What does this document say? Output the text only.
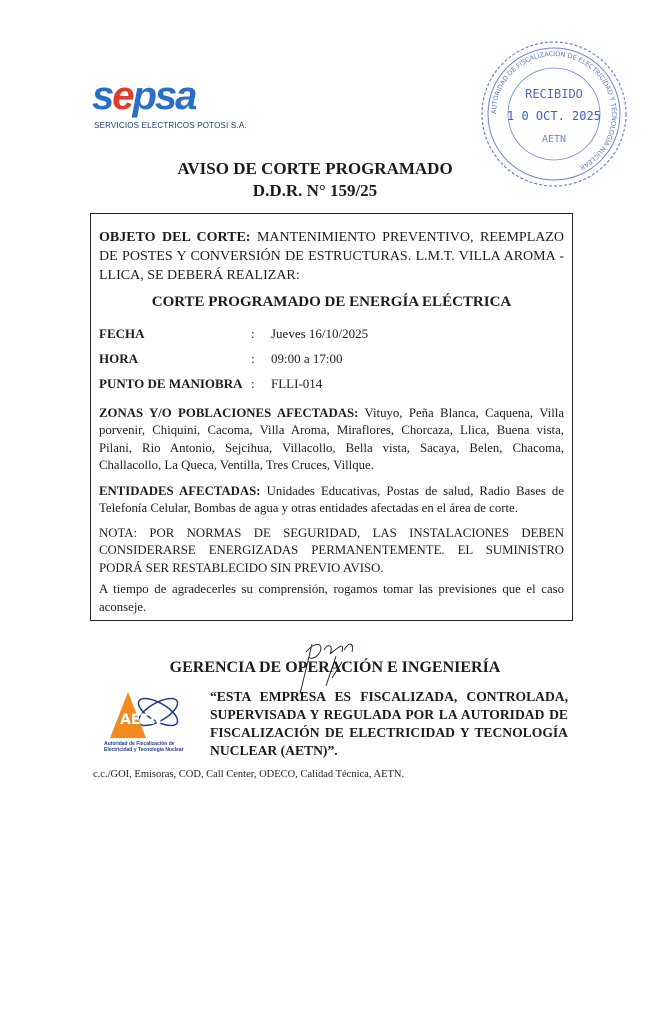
sepsa
SERVICIOS ELECTRICOS POTOSI S.A.
AUTORIDAD DE FISCALIZACIÓN DE ELECTRICIDAD Y TECNOLOGÍA NUCLEAR
RECIBIDO
1 0 OCT. 2025
AETN
AVISO DE CORTE PROGRAMADO
D.D.R. N° 159/25
OBJETO DEL CORTE: MANTENIMIENTO PREVENTIVO, REEMPLAZO DE POSTES Y CONVERSIÓN DE ESTRUCTURAS. L.M.T. VILLA AROMA - LLICA, SE DEBERÁ REALIZAR:
CORTE PROGRAMADO DE ENERGÍA ELÉCTRICA
FECHA	:	Jueves 16/10/2025
HORA	:	09:00 a 17:00
PUNTO DE MANIOBRA :	FLLI-014
ZONAS Y/O POBLACIONES AFECTADAS: Vituyo, Peña Blanca, Caquena, Villa porvenir, Chiquini, Cacoma, Villa Aroma, Miraflores, Chorcaza, Llica, Buena vista, Pilani, Rio Antonio, Sejcihua, Villacollo, Bella vista, Sacaya, Belen, Chacoma, Challacollo, La Queca, Ventilla, Tres Cruces, Villque.
ENTIDADES AFECTADAS: Unidades Educativas, Postas de salud, Radio Bases de Telefonía Celular, Bombas de agua y otras entidades afectadas en el área de corte.
NOTA: POR NORMAS DE SEGURIDAD, LAS INSTALACIONES DEBEN CONSIDERARSE ENERGIZADAS PERMANENTEMENTE. EL SUMINISTRO PODRÁ SER RESTABLECIDO SIN PREVIO AVISO.
A tiempo de agradecerles su comprensión, rogamos tomar las previsiones que el caso aconseje.
GERENCIA DE OPERACIÓN E INGENIERÍA
AETN
Autoridad de Fiscalización de
Electricidad y Tecnología Nuclear
“ESTA EMPRESA ES FISCALIZADA, CONTROLADA, SUPERVISADA Y REGULADA POR LA AUTORIDAD DE FISCALIZACIÓN DE ELECTRICIDAD Y TECNOLOGÍA NUCLEAR (AETN)”.
c.c./GOI, Emisoras, COD, Call Center, ODECO, Calidad Técnica, AETN.
